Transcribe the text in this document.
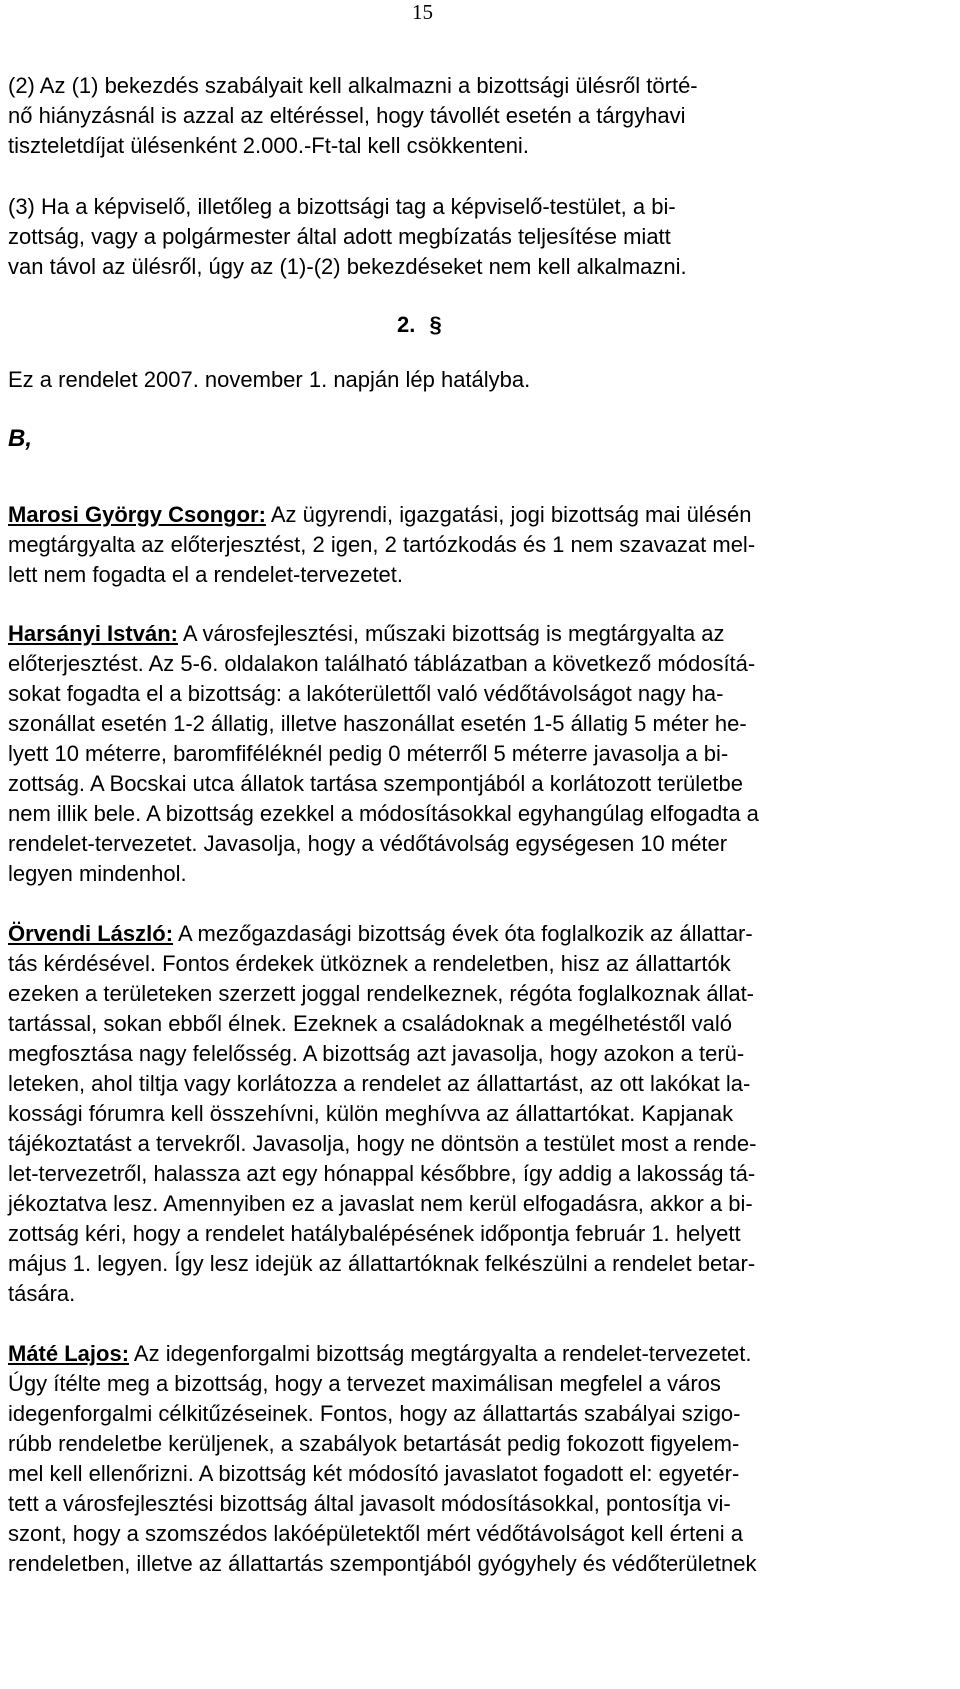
15
(2) Az (1) bekezdés szabályait kell alkalmazni a bizottsági ülésről törté-
nő hiányzásnál is azzal az eltéréssel, hogy távollét esetén a tárgyhavi
tiszteletdíjat ülésenként 2.000.-Ft-tal kell csökkenteni.
(3) Ha a képviselő, illetőleg a bizottsági tag a képviselő-testület, a bi-
zottság, vagy a polgármester által adott megbízatás teljesítése miatt
van távol az ülésről, úgy az (1)-(2) bekezdéseket nem kell alkalmazni.
2. §
Ez a rendelet 2007. november 1. napján lép hatályba.
B,
Marosi György Csongor: Az ügyrendi, igazgatási, jogi bizottság mai ülésén
megtárgyalta az előterjesztést, 2 igen, 2 tartózkodás és 1 nem szavazat mel-
lett nem fogadta el a rendelet-tervezetet.
Harsányi István: A városfejlesztési, műszaki bizottság is megtárgyalta az
előterjesztést. Az 5-6. oldalakon található táblázatban a következő módosítá-
sokat fogadta el a bizottság: a lakóterülettől való védőtávolságot nagy ha-
szonállat esetén 1-2 állatig, illetve haszonállat esetén 1-5 állatig 5 méter he-
lyett 10 méterre, baromfiféléknél pedig 0 méterről 5 méterre javasolja a bi-
zottság. A Bocskai utca állatok tartása szempontjából a korlátozott területbe
nem illik bele. A bizottság ezekkel a módosításokkal egyhangúlag elfogadta a
rendelet-tervezetet. Javasolja, hogy a védőtávolság egységesen 10 méter
legyen mindenhol.
Örvendi László: A mezőgazdasági bizottság évek óta foglalkozik az állattar-
tás kérdésével. Fontos érdekek ütköznek a rendeletben, hisz az állattartók
ezeken a területeken szerzett joggal rendelkeznek, régóta foglalkoznak állat-
tartással, sokan ebből élnek. Ezeknek a családoknak a megélhetéstől való
megfosztása nagy felelősség. A bizottság azt javasolja, hogy azokon a terü-
leteken, ahol tiltja vagy korlátozza a rendelet az állattartást, az ott lakókat la-
kossági fórumra kell összehívni, külön meghívva az állattartókat. Kapjanak
tájékoztatást a tervekről. Javasolja, hogy ne döntsön a testület most a rende-
let-tervezetről, halassza azt egy hónappal későbbre, így addig a lakosság tá-
jékoztatva lesz. Amennyiben ez a javaslat nem kerül elfogadásra, akkor a bi-
zottság kéri, hogy a rendelet hatálybalépésének időpontja február 1. helyett
május 1. legyen. Így lesz idejük az állattartóknak felkészülni a rendelet betar-
tására.
Máté Lajos: Az idegenforgalmi bizottság megtárgyalta a rendelet-tervezetet.
Úgy ítélte meg a bizottság, hogy a tervezet maximálisan megfelel a város
idegenforgalmi célkitűzéseinek. Fontos, hogy az állattartás szabályai szigo-
rúbb rendeletbe kerüljenek, a szabályok betartását pedig fokozott figyelem-
mel kell ellenőrizni. A bizottság két módosító javaslatot fogadott el: egyetér-
tett a városfejlesztési bizottság által javasolt módosításokkal, pontosítja vi-
szont, hogy a szomszédos lakóépületektől mért védőtávolságot kell érteni a
rendeletben, illetve az állattartás szempontjából gyógyhely és védőterületnek
